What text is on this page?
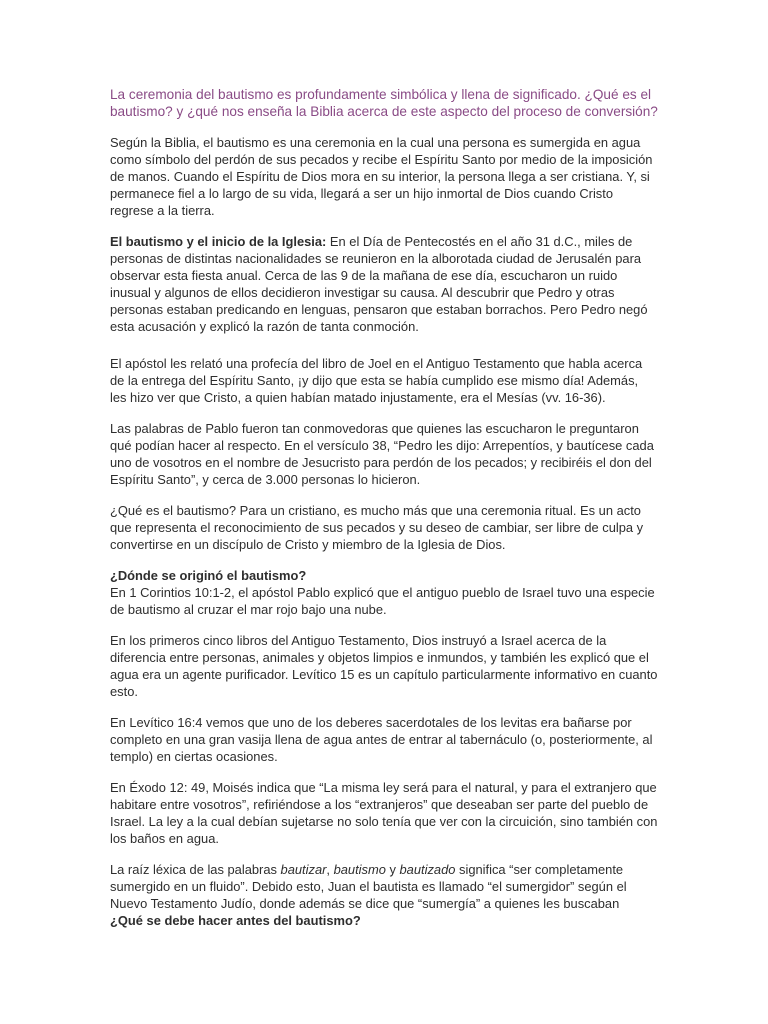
La ceremonia del bautismo es profundamente simbólica y llena de significado. ¿Qué es el bautismo? y ¿qué nos enseña la Biblia acerca de este aspecto del proceso de conversión?

Según la Biblia, el bautismo es una ceremonia en la cual una persona es sumergida en agua como símbolo del perdón de sus pecados y recibe el Espíritu Santo por medio de la imposición de manos. Cuando el Espíritu de Dios mora en su interior, la persona llega a ser cristiana. Y, si permanece fiel a lo largo de su vida, llegará a ser un hijo inmortal de Dios cuando Cristo regrese a la tierra.

El bautismo y el inicio de la Iglesia: En el Día de Pentecostés en el año 31 d.C., miles de personas de distintas nacionalidades se reunieron en la alborotada ciudad de Jerusalén para observar esta fiesta anual. Cerca de las 9 de la mañana de ese día, escucharon un ruido inusual y algunos de ellos decidieron investigar su causa. Al descubrir que Pedro y otras personas estaban predicando en lenguas, pensaron que estaban borrachos. Pero Pedro negó esta acusación y explicó la razón de tanta conmoción.

El apóstol les relató una profecía del libro de Joel en el Antiguo Testamento que habla acerca de la entrega del Espíritu Santo, ¡y dijo que esta se había cumplido ese mismo día! Además, les hizo ver que Cristo, a quien habían matado injustamente, era el Mesías (vv. 16-36).

Las palabras de Pablo fueron tan conmovedoras que quienes las escucharon le preguntaron qué podían hacer al respecto. En el versículo 38, “Pedro les dijo: Arrepentíos, y bautícese cada uno de vosotros en el nombre de Jesucristo para perdón de los pecados; y recibiréis el don del Espíritu Santo”, y cerca de 3.000 personas lo hicieron.

¿Qué es el bautismo? Para un cristiano, es mucho más que una ceremonia ritual. Es un acto que representa el reconocimiento de sus pecados y su deseo de cambiar, ser libre de culpa y convertirse en un discípulo de Cristo y miembro de la Iglesia de Dios.

¿Dónde se originó el bautismo?
En 1 Corintios 10:1-2, el apóstol Pablo explicó que el antiguo pueblo de Israel tuvo una especie de bautismo al cruzar el mar rojo bajo una nube.

En los primeros cinco libros del Antiguo Testamento, Dios instruyó a Israel acerca de la diferencia entre personas, animales y objetos limpios e inmundos, y también les explicó que el agua era un agente purificador. Levítico 15 es un capítulo particularmente informativo en cuanto esto.

En Levítico 16:4 vemos que uno de los deberes sacerdotales de los levitas era bañarse por completo en una gran vasija llena de agua antes de entrar al tabernáculo (o, posteriormente, al templo) en ciertas ocasiones.

En Éxodo 12: 49, Moisés indica que “La misma ley será para el natural, y para el extranjero que habitare entre vosotros”, refiriéndose a los “extranjeros” que deseaban ser parte del pueblo de Israel. La ley a la cual debían sujetarse no solo tenía que ver con la circuición, sino también con los baños en agua.

La raíz léxica de las palabras bautizar, bautismo y bautizado significa “ser completamente sumergido en un fluido”. Debido esto, Juan el bautista es llamado “el sumergidor” según el Nuevo Testamento Judío, donde además se dice que “sumergía” a quienes les buscaban
¿Qué se debe hacer antes del bautismo?
